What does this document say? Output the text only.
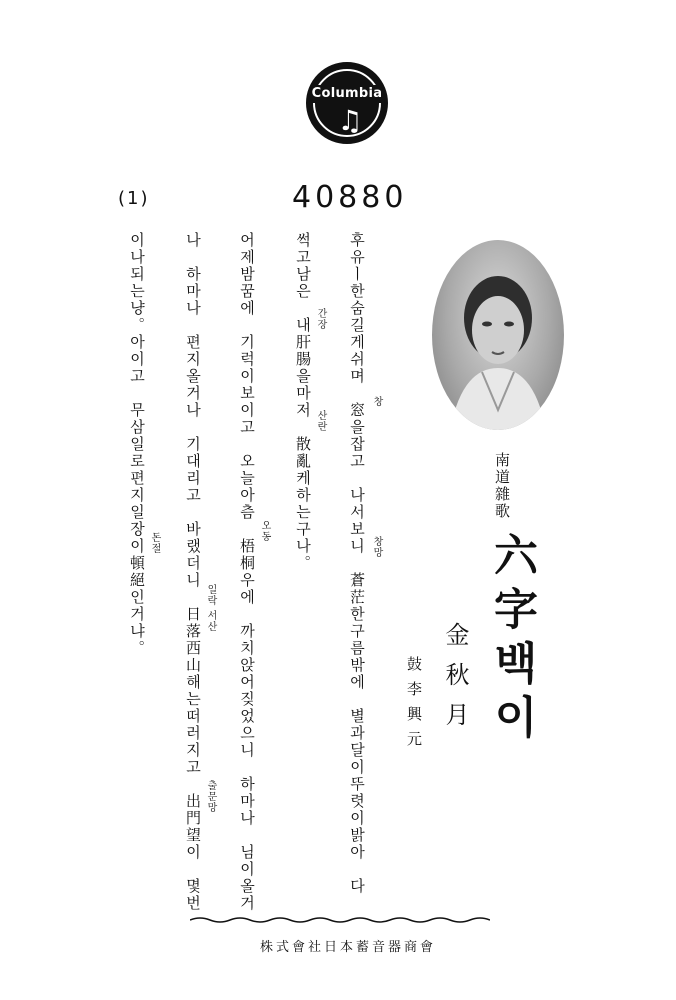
Columbia
♫
40880
(1)
南道雜歌
六字백이
金秋月
鼓李興元
후유ㅣ한숨길게쉬며　窓을잡고　나서보니　蒼茫한구름밖에　별과달이뚜렷이밝아　다
썩고남은　내肝腸을마저　散亂케하는구나。
어제밤꿈에　기럭이보이고　오늘아츰　梧桐우에　까치앉어짖었으니　하마나　님이올거
나　하마나　편지올거나　기대리고　바랬더니　日落西山해는떠러지고　出門望이　몇번
이나되는냥。아이고　무삼일로편지일장이頓絕인거냐。	창
창망
간장
산란
오동
일락 서산
출문망
돈절
株式會社日本蓄音器商會
